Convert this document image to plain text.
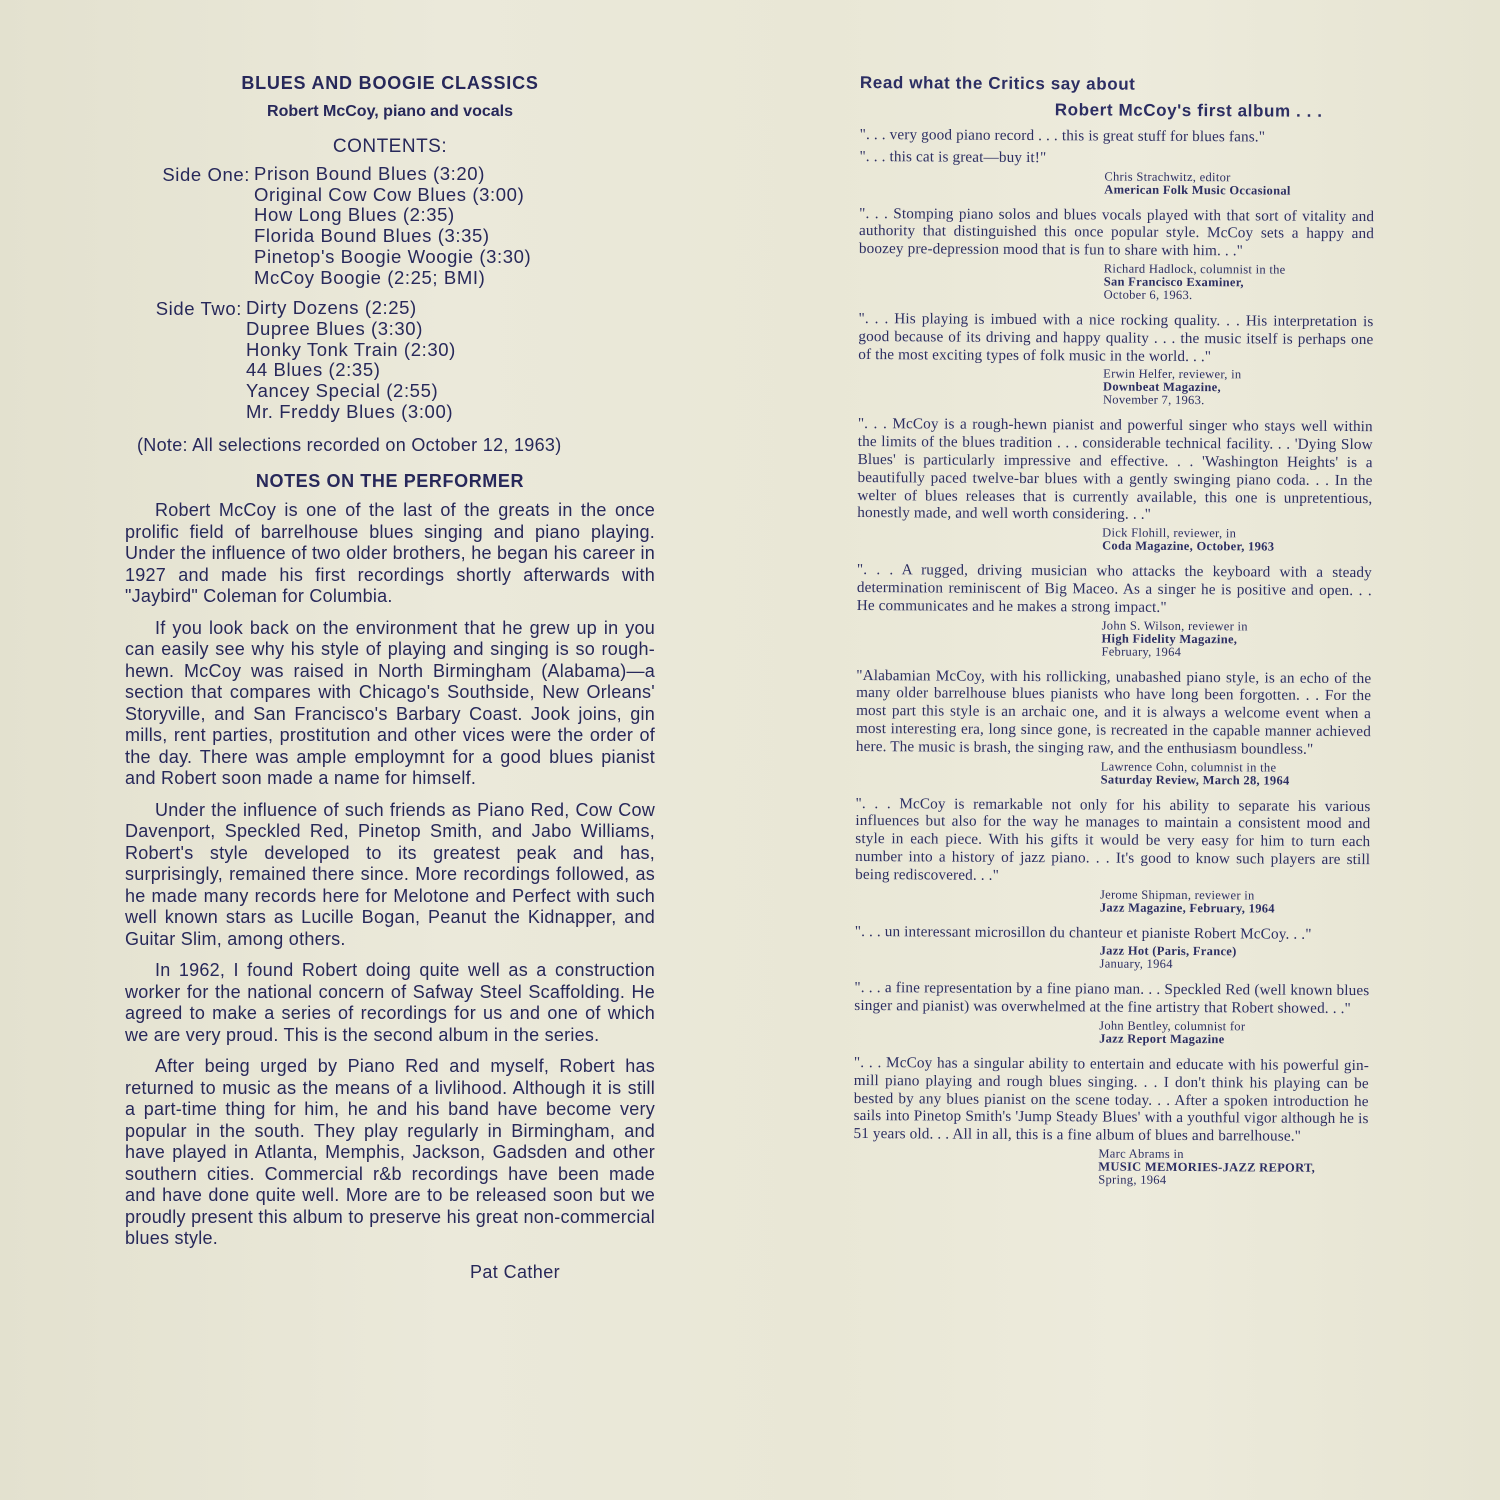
BLUES AND BOOGIE CLASSICS
Robert McCoy, piano and vocals
CONTENTS:
Side One: Prison Bound Blues (3:20)
Original Cow Cow Blues (3:00)
How Long Blues (2:35)
Florida Bound Blues (3:35)
Pinetop's Boogie Woogie (3:30)
McCoy Boogie (2:25; BMI)
Side Two: Dirty Dozens (2:25)
Dupree Blues (3:30)
Honky Tonk Train (2:30)
44 Blues (2:35)
Yancey Special (2:55)
Mr. Freddy Blues (3:00)
(Note: All selections recorded on October 12, 1963)
NOTES ON THE PERFORMER

Robert McCoy is one of the last of the greats in the once prolific field of barrelhouse blues singing and piano playing. Under the influence of two older brothers, he began his career in 1927 and made his first recordings shortly afterwards with "Jaybird" Coleman for Columbia.

If you look back on the environment that he grew up in you can easily see why his style of playing and singing is so rough-hewn. McCoy was raised in North Birmingham (Alabama)—a section that compares with Chicago's Southside, New Orleans' Storyville, and San Francisco's Barbary Coast. Jook joins, gin mills, rent parties, prostitution and other vices were the order of the day. There was ample employmnt for a good blues pianist and Robert soon made a name for himself.

Under the influence of such friends as Piano Red, Cow Cow Davenport, Speckled Red, Pinetop Smith, and Jabo Williams, Robert's style developed to its greatest peak and has, surprisingly, remained there since. More recordings followed, as he made many records here for Melotone and Perfect with such well known stars as Lucille Bogan, Peanut the Kidnapper, and Guitar Slim, among others.

In 1962, I found Robert doing quite well as a construction worker for the national concern of Safway Steel Scaffolding. He agreed to make a series of recordings for us and one of which we are very proud. This is the second album in the series.

After being urged by Piano Red and myself, Robert has returned to music as the means of a livlihood. Although it is still a part-time thing for him, he and his band have become very popular in the south. They play regularly in Birmingham, and have played in Atlanta, Memphis, Jackson, Gadsden and other southern cities. Commercial r&b recordings have been made and have done quite well. More are to be released soon but we proudly present this album to preserve his great non-commercial blues style.

Pat Cather
Read what the Critics say about
Robert McCoy's first album . . .

". . . very good piano record . . . this is great stuff for blues fans."

". . . this cat is great—buy it!"

Chris Strachwitz, editor
American Folk Music Occasional

". . . Stomping piano solos and blues vocals played with that sort of vitality and authority that distinguished this once popular style. McCoy sets a happy and boozey pre-depression mood that is fun to share with him. . ."

Richard Hadlock, columnist in the
San Francisco Examiner,
October 6, 1963.

". . . His playing is imbued with a nice rocking quality. . . His interpretation is good because of its driving and happy quality . . . the music itself is perhaps one of the most exciting types of folk music in the world. . ."

Erwin Helfer, reviewer, in
Downbeat Magazine,
November 7, 1963.

". . . McCoy is a rough-hewn pianist and powerful singer who stays well within the limits of the blues tradition . . . considerable technical facility. . . 'Dying Slow Blues' is particularly impressive and effective. . . 'Washington Heights' is a beautifully paced twelve-bar blues with a gently swinging piano coda. . . In the welter of blues releases that is currently available, this one is unpretentious, honestly made, and well worth considering. . ."

Dick Flohill, reviewer, in
Coda Magazine, October, 1963

". . . A rugged, driving musician who attacks the keyboard with a steady determination reminiscent of Big Maceo. As a singer he is positive and open. . . He communicates and he makes a strong impact."

John S. Wilson, reviewer in
High Fidelity Magazine,
February, 1964

"Alabamian McCoy, with his rollicking, unabashed piano style, is an echo of the many older barrelhouse blues pianists who have long been forgotten. . . For the most part this style is an archaic one, and it is always a welcome event when a most interesting era, long since gone, is recreated in the capable manner achieved here. The music is brash, the singing raw, and the enthusiasm boundless."

Lawrence Cohn, columnist in the
Saturday Review, March 28, 1964

". . . McCoy is remarkable not only for his ability to separate his various influences but also for the way he manages to maintain a consistent mood and style in each piece. With his gifts it would be very easy for him to turn each number into a history of jazz piano. . . It's good to know such players are still being rediscovered. . ."

Jerome Shipman, reviewer in
Jazz Magazine, February, 1964

". . . un interessant microsillon du chanteur et pianiste Robert McCoy. . ."

Jazz Hot (Paris, France)
January, 1964

". . . a fine representation by a fine piano man. . . Speckled Red (well known blues singer and pianist) was overwhelmed at the fine artistry that Robert showed. . ."

John Bentley, columnist for
Jazz Report Magazine

". . . McCoy has a singular ability to entertain and educate with his powerful gin-mill piano playing and rough blues singing. . . I don't think his playing can be bested by any blues pianist on the scene today. . . After a spoken introduction he sails into Pinetop Smith's 'Jump Steady Blues' with a youthful vigor although he is 51 years old. . . All in all, this is a fine album of blues and barrelhouse."

Marc Abrams in
MUSIC MEMORIES-JAZZ REPORT,
Spring, 1964
